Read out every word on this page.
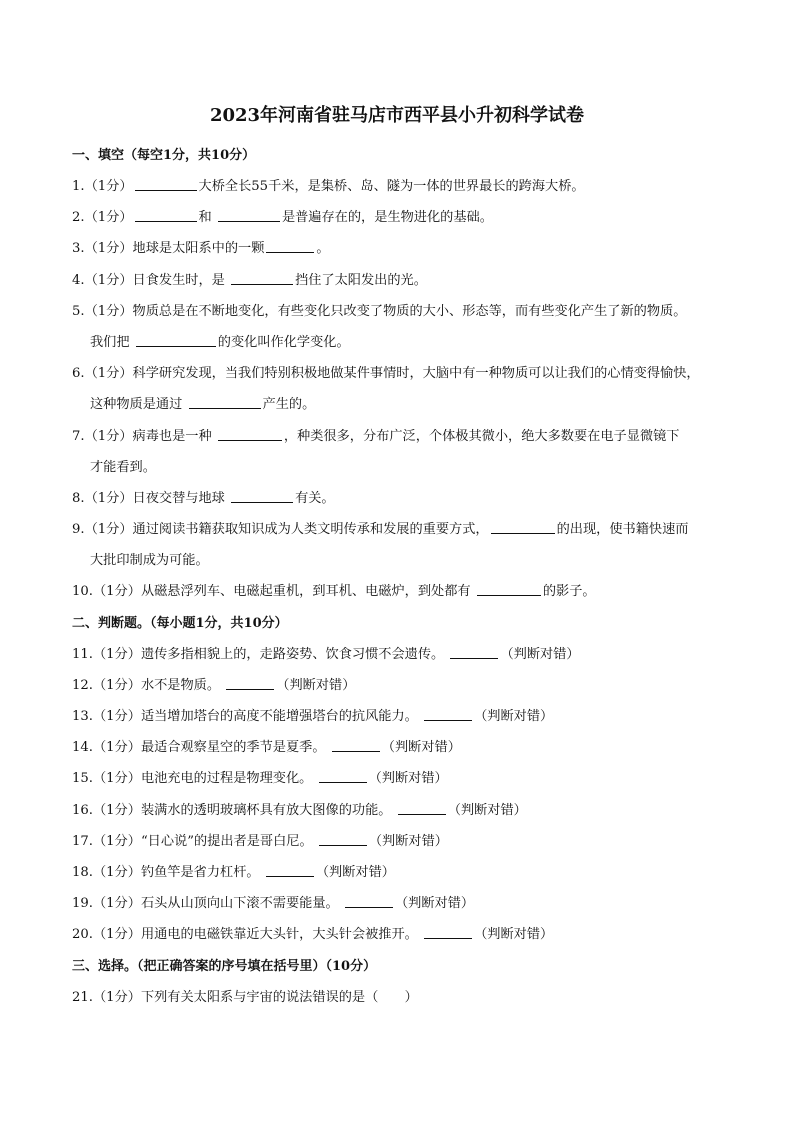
2023年河南省驻马店市西平县小升初科学试卷
一、填空（每空1分，共10分）
1.（1分）	大桥全长55千米，是集桥、岛、隧为一体的世界最长的跨海大桥。
2.（1分）	和	是普遍存在的，是生物进化的基础。
3.（1分）地球是太阳系中的一颗	。
4.（1分）日食发生时，是	挡住了太阳发出的光。
5.（1分）物质总是在不断地变化，有些变化只改变了物质的大小、形态等，而有些变化产生了新的物质。
我们把	的变化叫作化学变化。
6.（1分）科学研究发现，当我们特别积极地做某件事情时，大脑中有一种物质可以让我们的心情变得愉快，
这种物质是通过	产生的。
7.（1分）病毒也是一种	，种类很多，分布广泛，个体极其微小，绝大多数要在电子显微镜下
才能看到。
8.（1分）日夜交替与地球	有关。
9.（1分）通过阅读书籍获取知识成为人类文明传承和发展的重要方式，	的出现，使书籍快速而
大批印制成为可能。
10.（1分）从磁悬浮列车、电磁起重机，到耳机、电磁炉，到处都有	的影子。
二、判断题。（每小题1分，共10分）
11.（1分）遗传多指相貌上的，走路姿势、饮食习惯不会遗传。	（判断对错）
12.（1分）水不是物质。	（判断对错）
13.（1分）适当增加塔台的高度不能增强塔台的抗风能力。	（判断对错）
14.（1分）最适合观察星空的季节是夏季。	（判断对错）
15.（1分）电池充电的过程是物理变化。	（判断对错）
16.（1分）装满水的透明玻璃杯具有放大图像的功能。	（判断对错）
17.（1分）“日心说”的提出者是哥白尼。	（判断对错）
18.（1分）钓鱼竿是省力杠杆。	（判断对错）
19.（1分）石头从山顶向山下滚不需要能量。	（判断对错）
20.（1分）用通电的电磁铁靠近大头针，大头针会被推开。	（判断对错）
三、选择。（把正确答案的序号填在括号里）（10分）
21.（1分）下列有关太阳系与宇宙的说法错误的是（　　）
